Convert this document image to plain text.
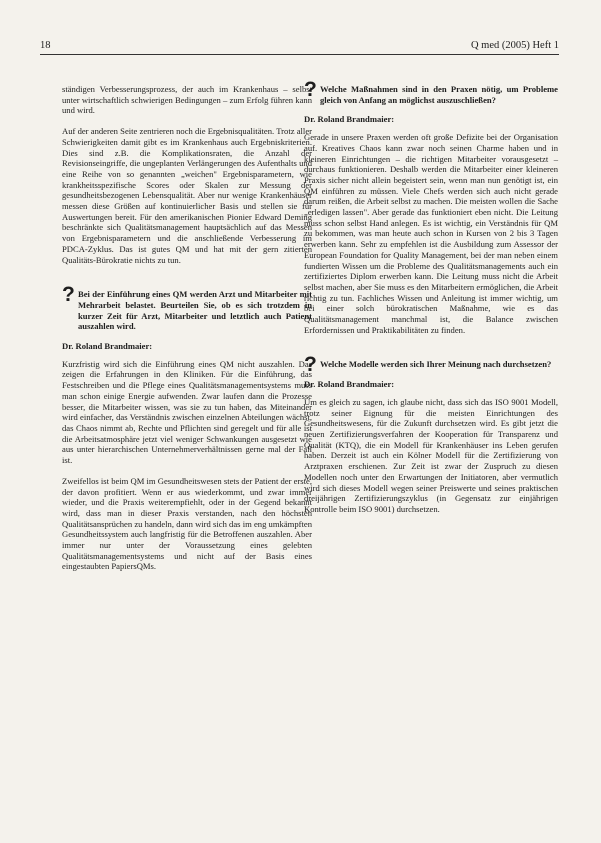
18	Q med (2005) Heft 1

ständigen Verbesserungsprozess, der auch im Krankenhaus – selbst unter wirtschaftlich schwierigen Bedingungen – zum Erfolg führen kann und wird.

Auf der anderen Seite zentrieren noch die Ergebnisqualitäten. Trotz aller Schwierigkeiten damit gibt es im Krankenhaus auch Ergebniskriterien. Dies sind z.B. die Komplikationsraten, die Anzahl der Revisionseingriffe, die ungeplanten Verlängerungen des Aufenthalts und eine Reihe von so genannten „weichen" Ergebnisparametern, wie krankheitsspezifische Scores oder Skalen zur Messung der gesundheitsbezogenen Lebensqualität. Aber nur wenige Krankenhäuser messen diese Größen auf kontinuierlicher Basis und stellen sie für Auswertungen bereit. Für den amerikanischen Pionier Edward Deming beschränkte sich Qualitätsmanagement hauptsächlich auf das Messen von Ergebnisparametern und die anschließende Verbesserung im PDCA-Zyklus. Das ist gutes QM und hat mit der gern zitierten Qualitäts-Bürokratie nichts zu tun.

? Bei der Einführung eines QM werden Arzt und Mitarbeiter mit Mehrarbeit belastet. Beurteilen Sie, ob es sich trotzdem in kurzer Zeit für Arzt, Mitarbeiter und letztlich auch Patient auszahlen wird.
Dr. Roland Brandmaier:

Kurzfristig wird sich die Einführung eines QM nicht auszahlen. Das zeigen die Erfahrungen in den Kliniken. Für die Einführung, das Festschreiben und die Pflege eines Qualitätsmanagementsystems muss man schon einige Energie aufwenden. Zwar laufen dann die Prozesse besser, die Mitarbeiter wissen, was sie zu tun haben, das Miteinander wird einfacher, das Verständnis zwischen einzelnen Abteilungen wächst, das Chaos nimmt ab, Rechte und Pflichten sind geregelt und für alle ist die Arbeitsatmosphäre jetzt viel weniger Schwankungen ausgesetzt wie aus unter hierarchischen Unternehmerverhältnissen gerne mal der Fall ist.

Zweifellos ist beim QM im Gesundheitswesen stets der Patient der erste, der davon profitiert. Wenn er aus wiederkommt, und zwar immer wieder, und die Praxis weiterempfiehlt, oder in der Gegend bekannt wird, dass man in dieser Praxis verstanden, nach den höchsten Qualitätsansprüchen zu handeln, dann wird sich das im eng umkämpften Gesundheitssystem auch langfristig für die Betroffenen auszahlen. Aber immer nur unter der Voraussetzung eines gelebten Qualitätsmanagementsystems und nicht auf der Basis eines eingestaubten PapiersQMs.

? Welche Maßnahmen sind in den Praxen nötig, um Probleme gleich von Anfang an möglichst auszuschließen?
Dr. Roland Brandmaier:

Gerade in unsere Praxen werden oft große Defizite bei der Organisation auf. Kreatives Chaos kann zwar noch seinen Charme haben und in kleineren Einrichtungen – die richtigen Mitarbeiter vorausgesetzt – durchaus funktionieren. Deshalb werden die Mitarbeiter einer kleineren Praxis sicher nicht allein begeistert sein, wenn man nun genötigt ist, ein QM einführen zu müssen. Viele Chefs werden sich auch nicht gerade darum reißen, die Arbeit selbst zu machen. Die meisten wollen die Sache „erledigen lassen". Aber gerade das funktioniert eben nicht. Die Leitung muss schon selbst Hand anlegen. Es ist wichtig, ein Verständnis für QM zu bekommen, was man heute auch schon in Kursen von 2 bis 3 Tagen erwerben kann. Sehr zu empfehlen ist die Ausbildung zum Assessor der European Foundation for Quality Management, bei der man neben einem fundierten Wissen um die Probleme des Qualitätsmanagements auch ein zertifiziertes Diplom erwerben kann. Die Leitung muss nicht die Arbeit selbst machen, aber Sie muss es den Mitarbeitern ermöglichen, die Arbeit richtig zu tun. Fachliches Wissen und Anleitung ist immer wichtig, um bei einer solch bürokratischen Maßnahme, wie es das Qualitätsmanagement manchmal ist, die Balance zwischen Erfordernissen und Praktikabilitäten zu finden.

? Welche Modelle werden sich Ihrer Meinung nach durchsetzen?
Dr. Roland Brandmaier:

Um es gleich zu sagen, ich glaube nicht, dass sich das ISO 9001 Modell, trotz seiner Eignung für die meisten Einrichtungen des Gesundheitswesens, für die Zukunft durchsetzen wird. Es gibt jetzt die neuen Zertifizierungsverfahren der Kooperation für Transparenz und Qualität (KTQ), die ein Modell für Krankenhäuser ins Leben gerufen haben. Derzeit ist auch ein Kölner Modell für die Zertifizierung von Arztpraxen erschienen. Zur Zeit ist zwar der Zuspruch zu diesen Modellen noch unter den Erwartungen der Initiatoren, aber vermutlich wird sich dieses Modell wegen seiner Preiswerte und seines praktischen dreijährigen Zertifizierungszyklus (in Gegensatz zur einjährigen Kontrolle beim ISO 9001) durchsetzen.
